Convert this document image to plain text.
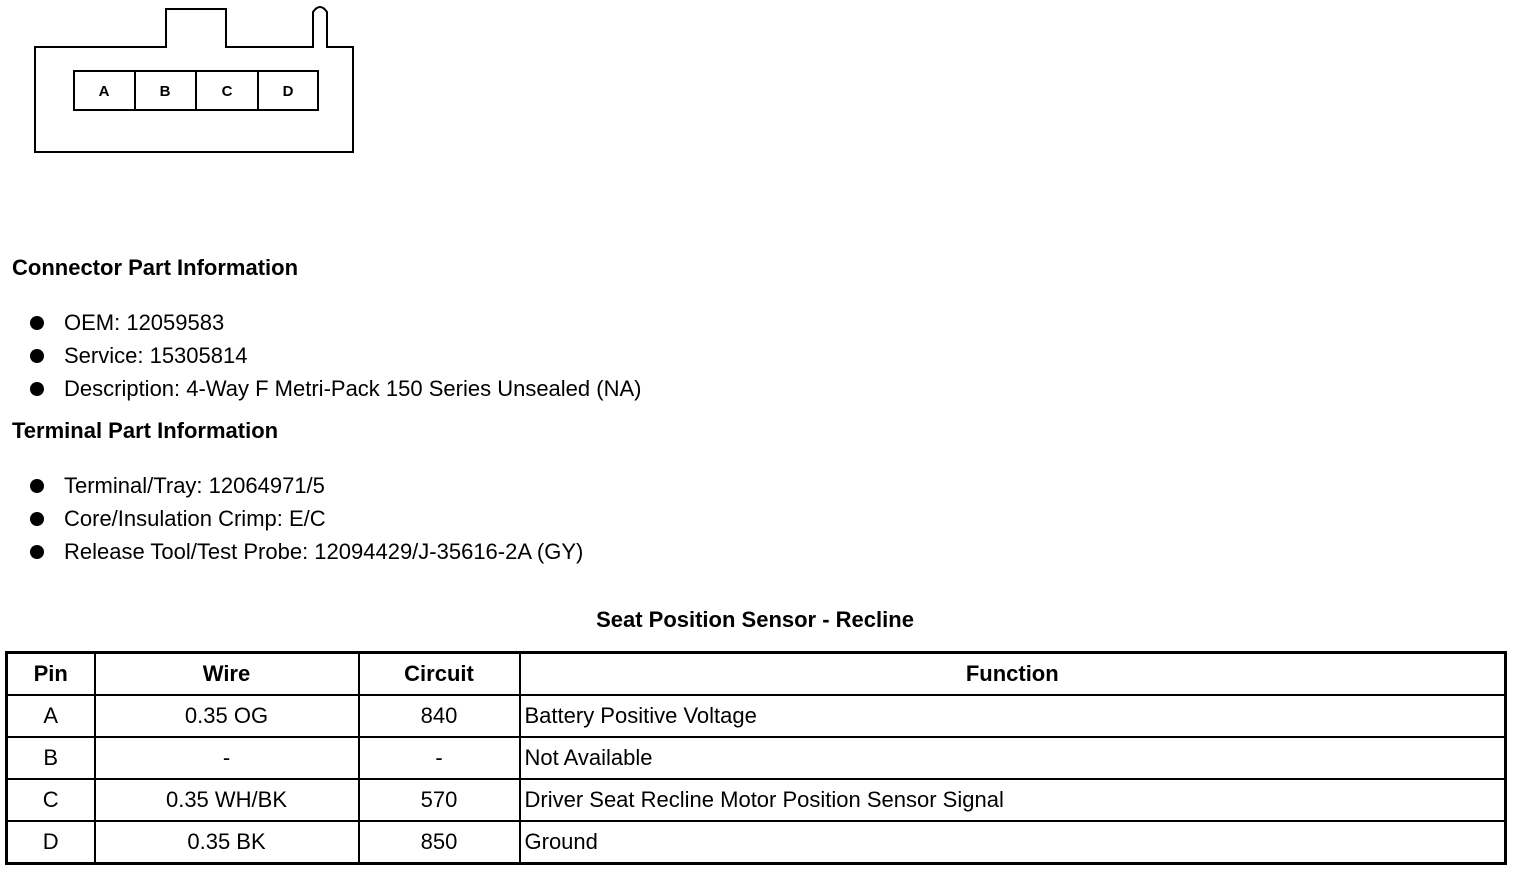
A	B	C	D
Connector Part Information
OEM: 12059583
Service: 15305814
Description: 4-Way F Metri-Pack 150 Series Unsealed (NA)
Terminal Part Information
Terminal/Tray: 12064971/5
Core/Insulation Crimp: E/C
Release Tool/Test Probe: 12094429/J-35616-2A (GY)
Seat Position Sensor - Recline
Pin	Wire	Circuit	Function
A	0.35 OG	840	Battery Positive Voltage
B	-	-	Not Available
C	0.35 WH/BK	570	Driver Seat Recline Motor Position Sensor Signal
D	0.35 BK	850	Ground
